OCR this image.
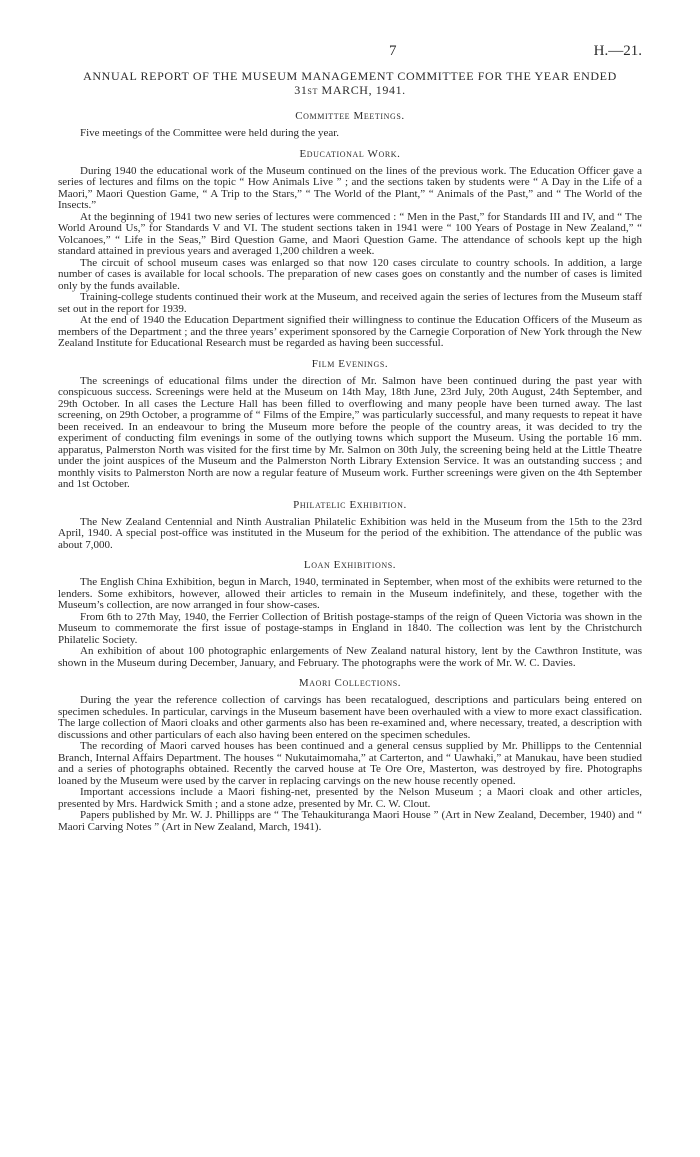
7	H.—21.
ANNUAL REPORT OF THE MUSEUM MANAGEMENT COMMITTEE FOR THE YEAR ENDED
31st MARCH, 1941.
Committee Meetings.

Five meetings of the Committee were held during the year.

Educational Work.

During 1940 the educational work of the Museum continued on the lines of the previous work. The Education Officer gave a series of lectures and films on the topic “ How Animals Live ” ; and the sections taken by students were “ A Day in the Life of a Maori,” Maori Question Game, “ A Trip to the Stars,” “ The World of the Plant,” “ Animals of the Past,” and “ The World of the Insects.”

At the beginning of 1941 two new series of lectures were commenced : “ Men in the Past,” for Standards III and IV, and “ The World Around Us,” for Standards V and VI. The student sections taken in 1941 were “ 100 Years of Postage in New Zealand,” “ Volcanoes,” “ Life in the Seas,” Bird Question Game, and Maori Question Game. The attendance of schools kept up the high standard attained in previous years and averaged 1,200 children a week.

The circuit of school museum cases was enlarged so that now 120 cases circulate to country schools. In addition, a large number of cases is available for local schools. The preparation of new cases goes on constantly and the number of cases is limited only by the funds available.

Training-college students continued their work at the Museum, and received again the series of lectures from the Museum staff set out in the report for 1939.

At the end of 1940 the Education Department signified their willingness to continue the Education Officers of the Museum as members of the Department ; and the three years’ experiment sponsored by the Carnegie Corporation of New York through the New Zealand Institute for Educational Research must be regarded as having been successful.

Film Evenings.

The screenings of educational films under the direction of Mr. Salmon have been continued during the past year with conspicuous success. Screenings were held at the Museum on 14th May, 18th June, 23rd July, 20th August, 24th September, and 29th October. In all cases the Lecture Hall has been filled to overflowing and many people have been turned away. The last screening, on 29th October, a programme of “ Films of the Empire,” was particularly successful, and many requests to repeat it have been received. In an endeavour to bring the Museum more before the people of the country areas, it was decided to try the experiment of conducting film evenings in some of the outlying towns which support the Museum. Using the portable 16 mm. apparatus, Palmerston North was visited for the first time by Mr. Salmon on 30th July, the screening being held at the Little Theatre under the joint auspices of the Museum and the Palmerston North Library Extension Service. It was an outstanding success ; and monthly visits to Palmerston North are now a regular feature of Museum work. Further screenings were given on the 4th September and 1st October.

Philatelic Exhibition.

The New Zealand Centennial and Ninth Australian Philatelic Exhibition was held in the Museum from the 15th to the 23rd April, 1940. A special post-office was instituted in the Museum for the period of the exhibition. The attendance of the public was about 7,000.

Loan Exhibitions.

The English China Exhibition, begun in March, 1940, terminated in September, when most of the exhibits were returned to the lenders. Some exhibitors, however, allowed their articles to remain in the Museum indefinitely, and these, together with the Museum’s collection, are now arranged in four show-cases.

From 6th to 27th May, 1940, the Ferrier Collection of British postage-stamps of the reign of Queen Victoria was shown in the Museum to commemorate the first issue of postage-stamps in England in 1840. The collection was lent by the Christchurch Philatelic Society.

An exhibition of about 100 photographic enlargements of New Zealand natural history, lent by the Cawthron Institute, was shown in the Museum during December, January, and February. The photographs were the work of Mr. W. C. Davies.

Maori Collections.

During the year the reference collection of carvings has been recatalogued, descriptions and particulars being entered on specimen schedules. In particular, carvings in the Museum basement have been overhauled with a view to more exact classification. The large collection of Maori cloaks and other garments also has been re-examined and, where necessary, treated, a description with discussions and other particulars of each also having been entered on the specimen schedules.

The recording of Maori carved houses has been continued and a general census supplied by Mr. Phillipps to the Centennial Branch, Internal Affairs Department. The houses “ Nukutaimomaha,” at Carterton, and “ Uawhaki,” at Manukau, have been studied and a series of photographs obtained. Recently the carved house at Te Ore Ore, Masterton, was destroyed by fire. Photographs loaned by the Museum were used by the carver in replacing carvings on the new house recently opened.

Important accessions include a Maori fishing-net, presented by the Nelson Museum ; a Maori cloak and other articles, presented by Mrs. Hardwick Smith ; and a stone adze, presented by Mr. C. W. Clout.

Papers published by Mr. W. J. Phillipps are “ The Tehaukituranga Maori House ” (Art in New Zealand, December, 1940) and “ Maori Carving Notes ” (Art in New Zealand, March, 1941).
